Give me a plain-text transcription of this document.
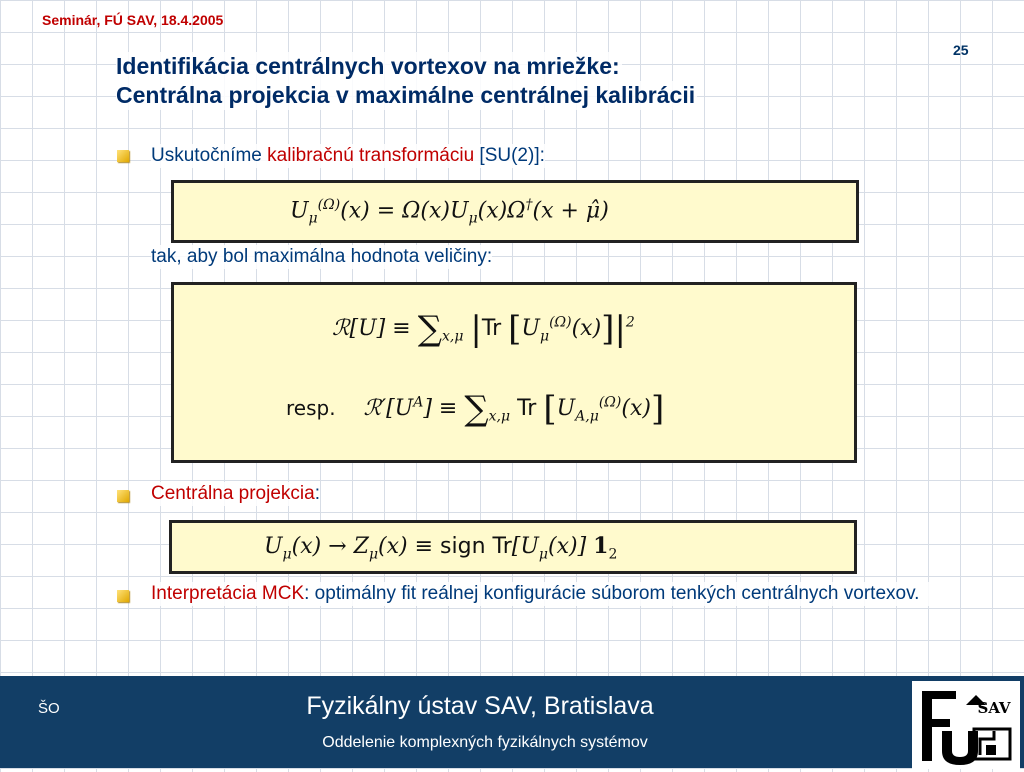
Seminár, FÚ SAV, 18.4.2005
25
Identifikácia centrálnych vortexov na mriežke:
Centrálna projekcia v maximálne centrálnej kalibrácii
Uskutočníme kalibračnú transformáciu [SU(2)]:
$U_\mu^{(\Omega)}(x) = \Omega(x)U_\mu(x)\Omega^\dagger(x$ + μ̂)
tak, aby bol maximálna hodnota veličiny:
ℛ[U] ≡ $\sum_{x,\mu}$ |Tr $[U_\mu^{(\Omega)}(x)]|^2$
resp.    $ℛ'[U^A] \equiv \sum_{x,\mu}$ Tr $[U_{A,\mu}^{(\Omega)}(x)]$
Centrálna projekcia:
$U_\mu(x) \to Z_\mu(x)$ ≡ sign $Tr[U_\mu(x)]$ $1_2$
Interpretácia MCK: optimálny fit reálnej konfigurácie súborom tenkých centrálnych vortexov.
ŠO	Fyzikálny ústav SAV, Bratislava
Oddelenie komplexných fyzikálnych systémov
SAV
